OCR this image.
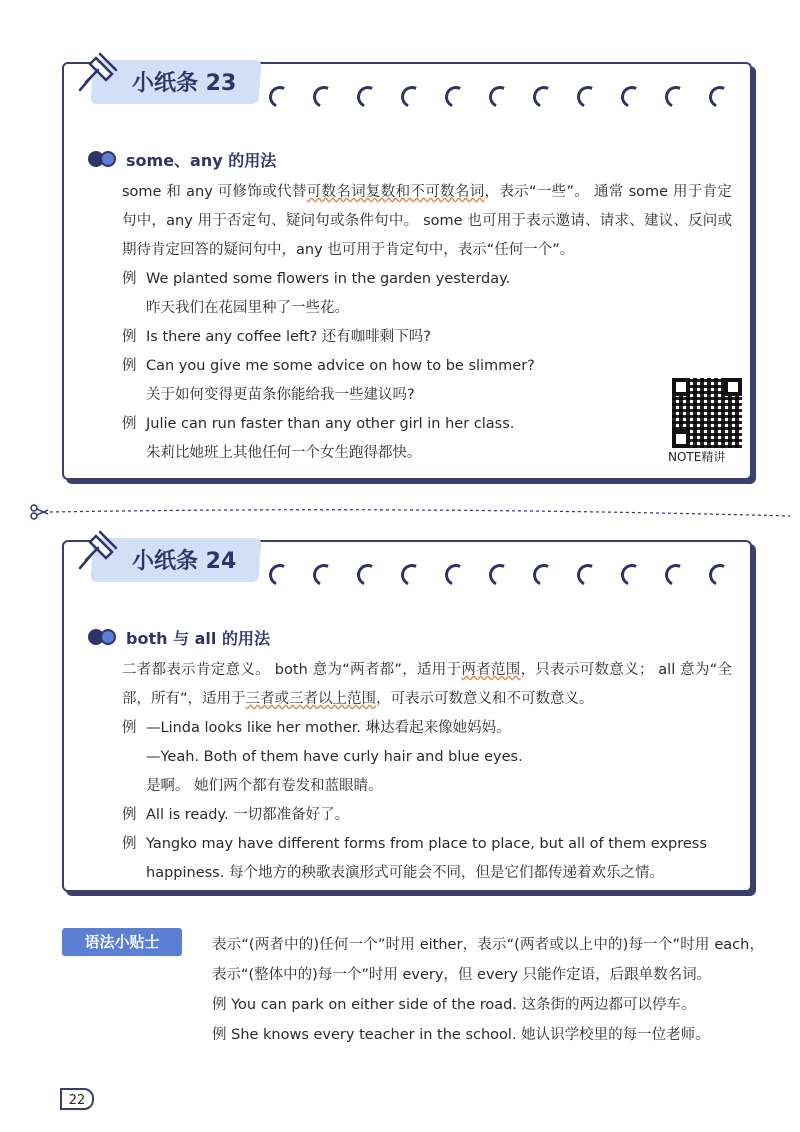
小纸条 23
some、any 的用法
some 和 any 可修饰或代替可数名词复数和不可数名词，表示“一些”。 通常 some 用于肯定句中，any 用于否定句、疑问句或条件句中。 some 也可用于表示邀请、请求、建议、反问或期待肯定回答的疑问句中，any 也可用于肯定句中，表示“任何一个”。
例 We planted some flowers in the garden yesterday.
昨天我们在花园里种了一些花。
例 Is there any coffee left? 还有咖啡剩下吗?
例 Can you give me some advice on how to be slimmer?
关于如何变得更苗条你能给我一些建议吗?
例 Julie can run faster than any other girl in her class.
朱莉比她班上其他任何一个女生跑得都快。	NOTE精讲
小纸条 24
both 与 all 的用法
二者都表示肯定意义。 both 意为“两者都”，适用于两者范围，只表示可数意义； all 意为“全部，所有”，适用于三者或三者以上范围，可表示可数意义和不可数意义。
例 —Linda looks like her mother. 琳达看起来像她妈妈。
—Yeah. Both of them have curly hair and blue eyes.
是啊。 她们两个都有卷发和蓝眼睛。
例 All is ready. 一切都准备好了。
例 Yangko may have different forms from place to place, but all of them express
happiness. 每个地方的秧歌表演形式可能会不同，但是它们都传递着欢乐之情。
语法小贴士	表示“(两者中的)任何一个”时用 either，表示“(两者或以上中的)每一个”时用 each，表示“(整体中的)每一个”时用 every，但 every 只能作定语，后跟单数名词。
例 You can park on either side of the road. 这条街的两边都可以停车。
例 She knows every teacher in the school. 她认识学校里的每一位老师。
22
